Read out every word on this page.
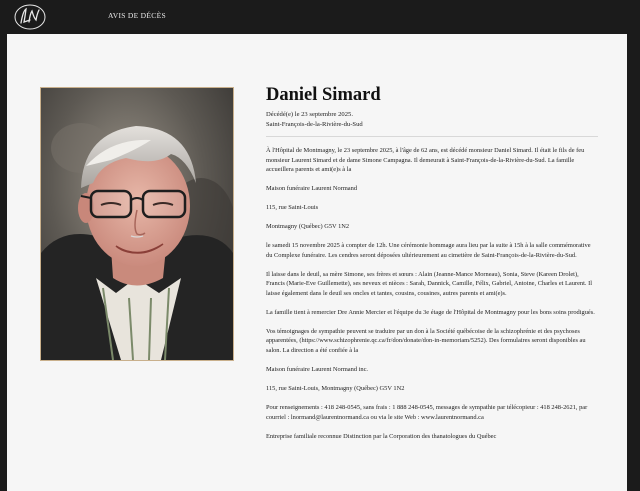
AVIS DE DÉCÈS
Daniel Simard
Décédé(e) le 23 septembre 2025.
Saint-François-de-la-Rivière-du-Sud

À l'Hôpital de Montmagny, le 23 septembre 2025, à l'âge de 62 ans, est décédé monsieur Daniel Simard. Il était le fils de feu monsieur Laurent Simard et de dame Simone Campagna. Il demeurait à Saint-François-de-la-Rivière-du-Sud. La famille accueillera parents et ami(e)s à la

Maison funéraire Laurent Normand

115, rue Saint-Louis

Montmagny (Québec) G5V 1N2

le samedi 15 novembre 2025 à compter de 12h. Une cérémonie hommage aura lieu par la suite à 15h à la salle commémorative du Complexe funéraire. Les cendres seront déposées ultérieurement au cimetière de Saint-François-de-la-Rivière-du-Sud.

Il laisse dans le deuil, sa mère Simone, ses frères et sœurs : Alain (Jeanne-Mance Morneau), Sonia, Steve (Kareen Drolet), Francis (Marie-Eve Guillemette), ses neveux et nièces : Sarah, Dannick, Camille, Félix, Gabriel, Antoine, Charles et Laurent. Il laisse également dans le deuil ses oncles et tantes, cousins, cousines, autres parents et ami(e)s.

La famille tient à remercier Dre Annie Mercier et l'équipe du 3e étage de l'Hôpital de Montmagny pour les bons soins prodigués.

Vos témoignages de sympathie peuvent se traduire par un don à la Société québécoise de la schizophrénie et des psychoses apparentées, (https://www.schizophrenie.qc.ca/fr/don/donate/don-in-memoriam/5252). Des formulaires seront disponibles au salon. La direction a été confiée à la

Maison funéraire Laurent Normand inc.

115, rue Saint-Louis, Montmagny (Québec) G5V 1N2

Pour renseignements : 418 248-0545, sans frais : 1 888 248-0545, messages de sympathie par télécopieur : 418 248-2621, par courriel : lnormand@laurentnormand.ca ou via le site Web : www.laurentnormand.ca

Entreprise familiale reconnue Distinction par la Corporation des thanatologues du Québec
